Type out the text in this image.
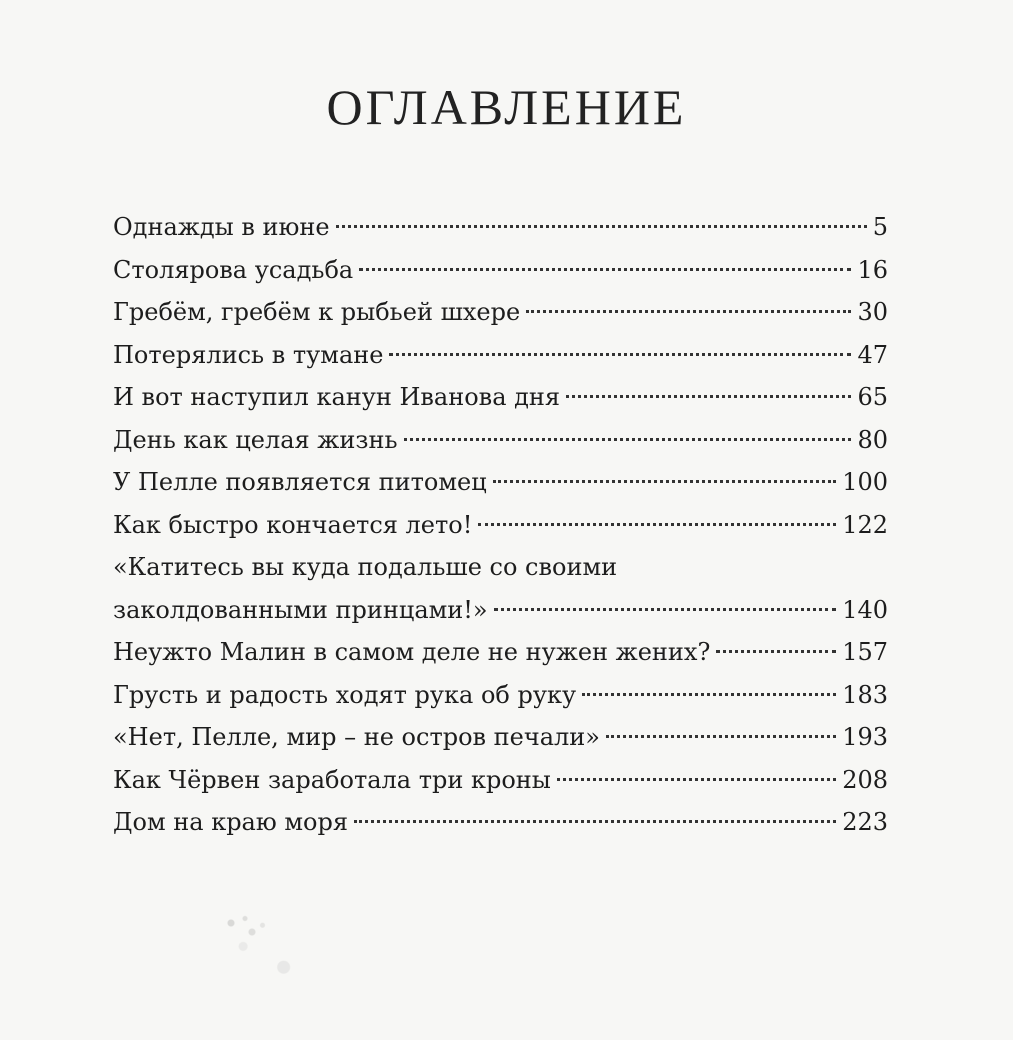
ОГЛАВЛЕНИЕ
Однажды в июне	5
Столярова усадьба	16
Гребём, гребём к рыбьей шхере	30
Потерялись в тумане	47
И вот наступил канун Иванова дня	65
День как целая жизнь	80
У Пелле появляется питомец	100
Как быстро кончается лето!	122
«Катитесь вы куда подальше со своими
заколдованными принцами!»	140
Неужто Малин в самом деле не нужен жених?	157
Грусть и радость ходят рука об руку	183
«Нет, Пелле, мир – не остров печали»	193
Как Чёрвен заработала три кроны	208
Дом на краю моря	223
